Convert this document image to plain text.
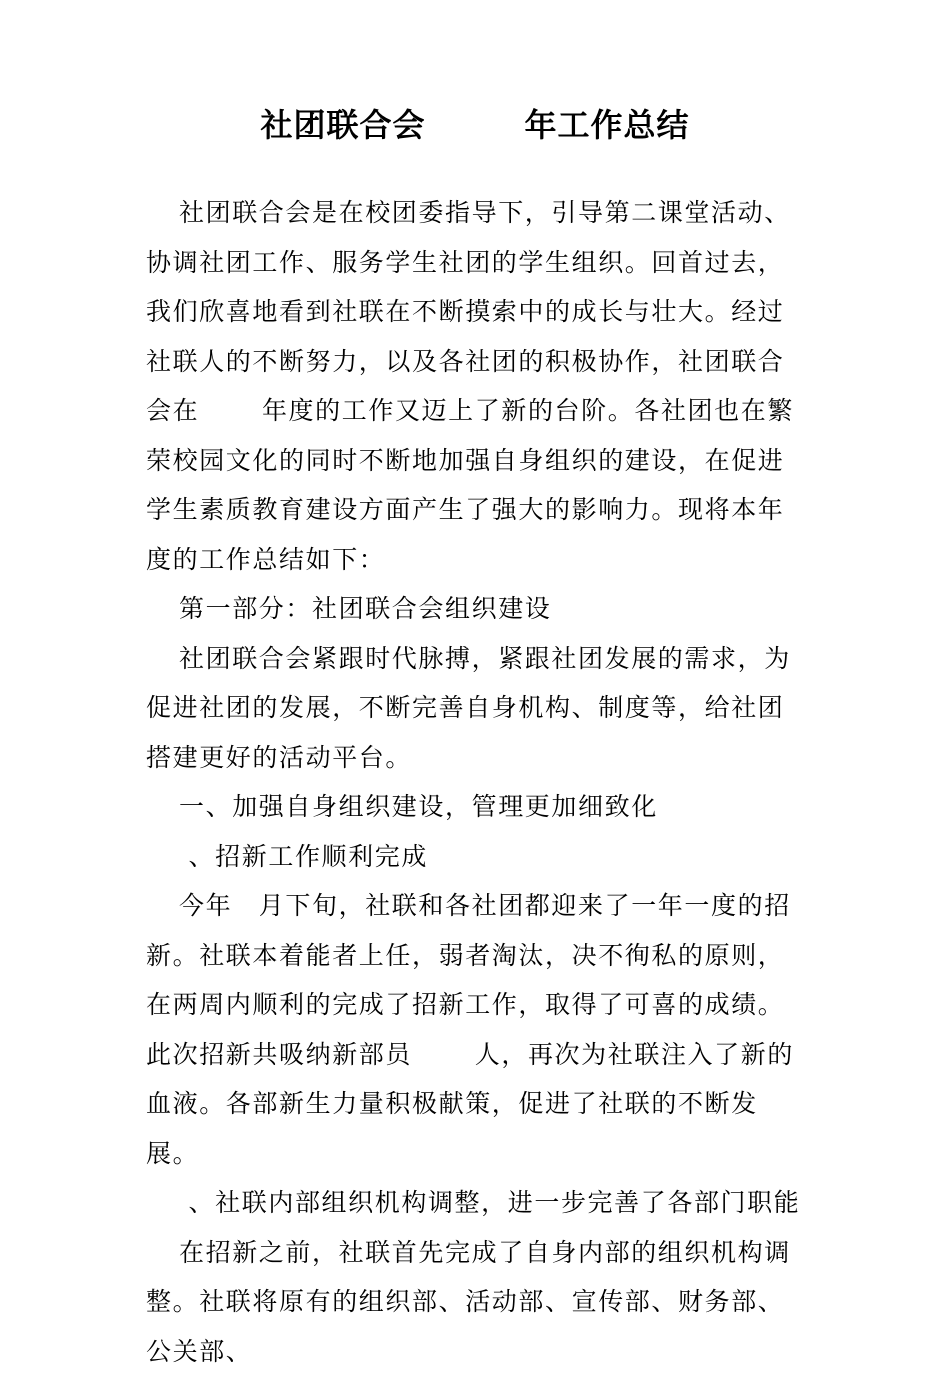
社团联合会　　　年工作总结

社团联合会是在校团委指导下，引导第二课堂活动、协调社团工作、服务学生社团的学生组织。回首过去，我们欣喜地看到社联在不断摸索中的成长与壮大。经过社联人的不断努力，以及各社团的积极协作，社团联合会在　　 年度的工作又迈上了新的台阶。各社团也在繁荣校园文化的同时不断地加强自身组织的建设，在促进学生素质教育建设方面产生了强大的影响力。现将本年度的工作总结如下：

第一部分：社团联合会组织建设

社团联合会紧跟时代脉搏，紧跟社团发展的需求，为促进社团的发展，不断完善自身机构、制度等，给社团搭建更好的活动平台。

一、加强自身组织建设，管理更加细致化

、招新工作顺利完成

今年　月下旬，社联和各社团都迎来了一年一度的招新。社联本着能者上任，弱者淘汰，决不徇私的原则，在两周内顺利的完成了招新工作，取得了可喜的成绩。此次招新共吸纳新部员　　 人，再次为社联注入了新的血液。各部新生力量积极献策，促进了社联的不断发展。

、社联内部组织机构调整，进一步完善了各部门职能

在招新之前，社联首先完成了自身内部的组织机构调整。社联将原有的组织部、活动部、宣传部、财务部、公关部、
